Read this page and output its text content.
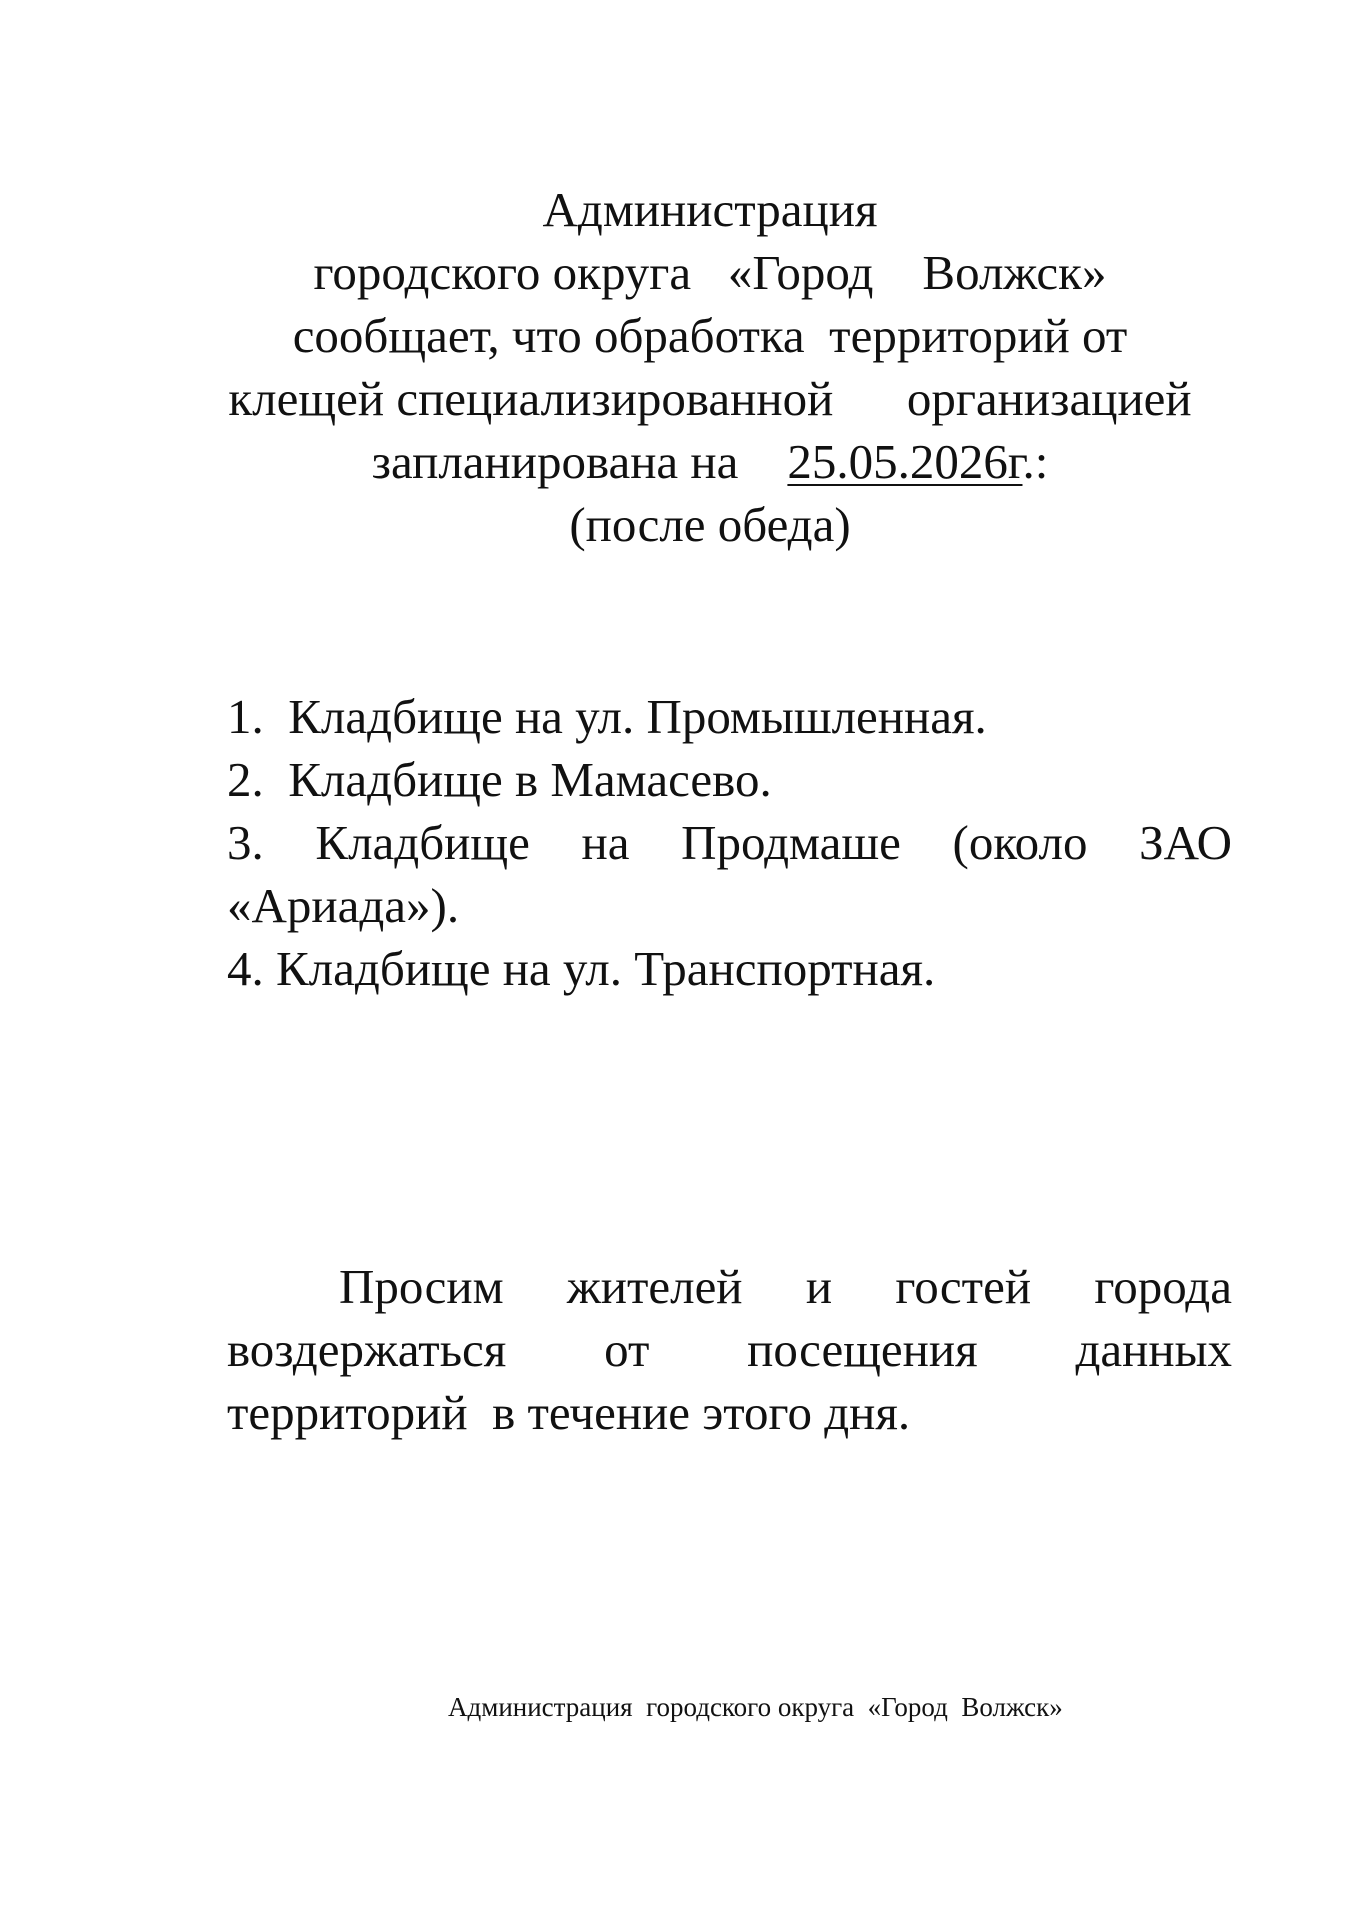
Администрация
городского округа   «Город    Волжск»
сообщает, что обработка  территорий от
клещей специализированной      организацией
запланирована на    25.05.2026г.:
(после обеда)
1.  Кладбище на ул. Промышленная.
2.  Кладбище в Мамасево.
3. Кладбище на Продмаше (около ЗАО
«Ариада»).
4. Кладбище на ул. Транспортная.
Просим жителей и гостей города
воздержаться от посещения данных
территорий  в течение этого дня.
Администрация  городского округа  «Город  Волжск»
